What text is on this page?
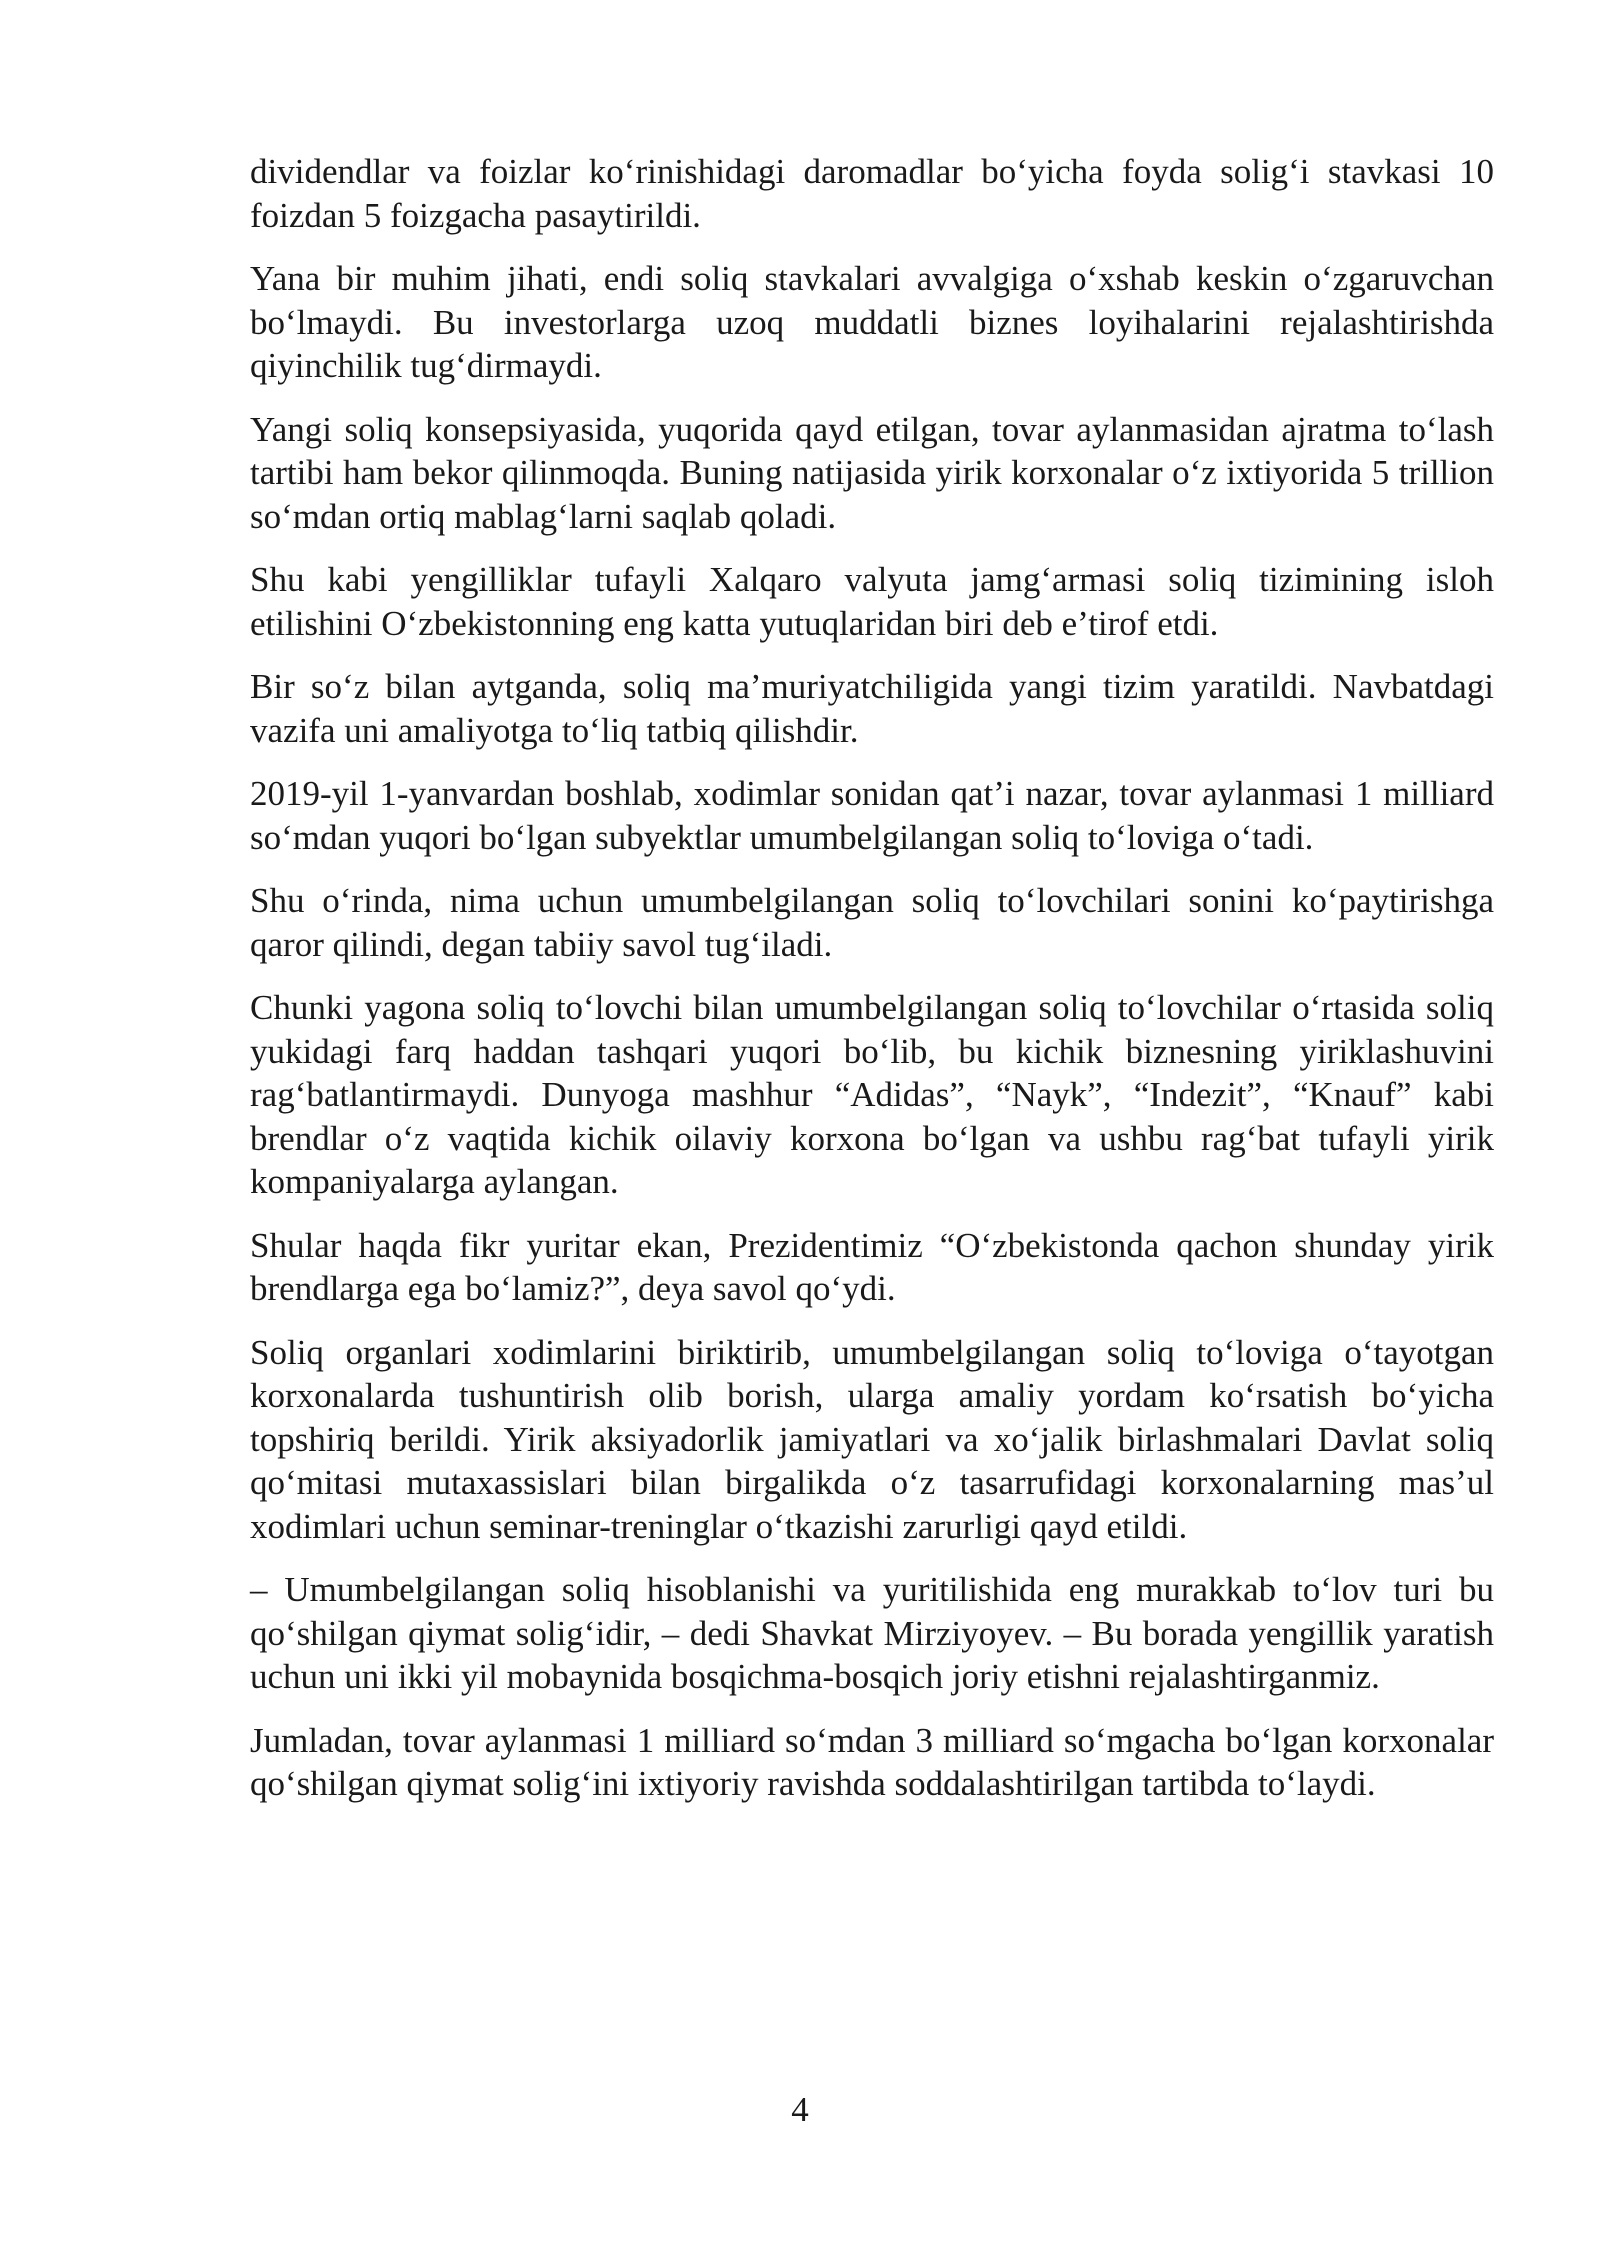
dividendlar va foizlar ko‘rinishidagi daromadlar bo‘yicha foyda solig‘i stavkasi 10 foizdan 5 foizgacha pasaytirildi.

Yana bir muhim jihati, endi soliq stavkalari avvalgiga o‘xshab keskin o‘zgaruvchan bo‘lmaydi. Bu investorlarga uzoq muddatli biznes loyihalarini rejalashtirishda qiyinchilik tug‘dirmaydi.

Yangi soliq konsepsiyasida, yuqorida qayd etilgan, tovar aylanmasidan ajratma to‘lash tartibi ham bekor qilinmoqda. Buning natijasida yirik korxonalar o‘z ixtiyorida 5 trillion so‘mdan ortiq mablag‘larni saqlab qoladi.

Shu kabi yengilliklar tufayli Xalqaro valyuta jamg‘armasi soliq tizimining isloh etilishini O‘zbekistonning eng katta yutuqlaridan biri deb e’tirof etdi.

Bir so‘z bilan aytganda, soliq ma’muriyatchiligida yangi tizim yaratildi. Navbatdagi vazifa uni amaliyotga to‘liq tatbiq qilishdir.

2019-yil 1-yanvardan boshlab, xodimlar sonidan qat’i nazar, tovar aylanmasi 1 milliard so‘mdan yuqori bo‘lgan subyektlar umumbelgilangan soliq to‘loviga o‘tadi.

Shu o‘rinda, nima uchun umumbelgilangan soliq to‘lovchilari sonini ko‘paytirishga qaror qilindi, degan tabiiy savol tug‘iladi.

Chunki yagona soliq to‘lovchi bilan umumbelgilangan soliq to‘lovchilar o‘rtasida soliq yukidagi farq haddan tashqari yuqori bo‘lib, bu kichik biznesning yiriklashuvini rag‘batlantirmaydi. Dunyoga mashhur “Adidas”, “Nayk”, “Indezit”, “Knauf” kabi brendlar o‘z vaqtida kichik oilaviy korxona bo‘lgan va ushbu rag‘bat tufayli yirik kompaniyalarga aylangan.

Shular haqda fikr yuritar ekan, Prezidentimiz “O‘zbekistonda qachon shunday yirik brendlarga ega bo‘lamiz?”, deya savol qo‘ydi.

Soliq organlari xodimlarini biriktirib, umumbelgilangan soliq to‘loviga o‘tayotgan korxonalarda tushuntirish olib borish, ularga amaliy yordam ko‘rsatish bo‘yicha topshiriq berildi. Yirik aksiyadorlik jamiyatlari va xo‘jalik birlashmalari Davlat soliq qo‘mitasi mutaxassislari bilan birgalikda o‘z tasarrufidagi korxonalarning mas’ul xodimlari uchun seminar-treninglar o‘tkazishi zarurligi qayd etildi.

– Umumbelgilangan soliq hisoblanishi va yuritilishida eng murakkab to‘lov turi bu qo‘shilgan qiymat solig‘idir, – dedi Shavkat Mirziyoyev. – Bu borada yengillik yaratish uchun uni ikki yil mobaynida bosqichma-bosqich joriy etishni rejalashtirganmiz.

Jumladan, tovar aylanmasi 1 milliard so‘mdan 3 milliard so‘mgacha bo‘lgan korxonalar qo‘shilgan qiymat solig‘ini ixtiyoriy ravishda soddalashtirilgan tartibda to‘laydi.

4
